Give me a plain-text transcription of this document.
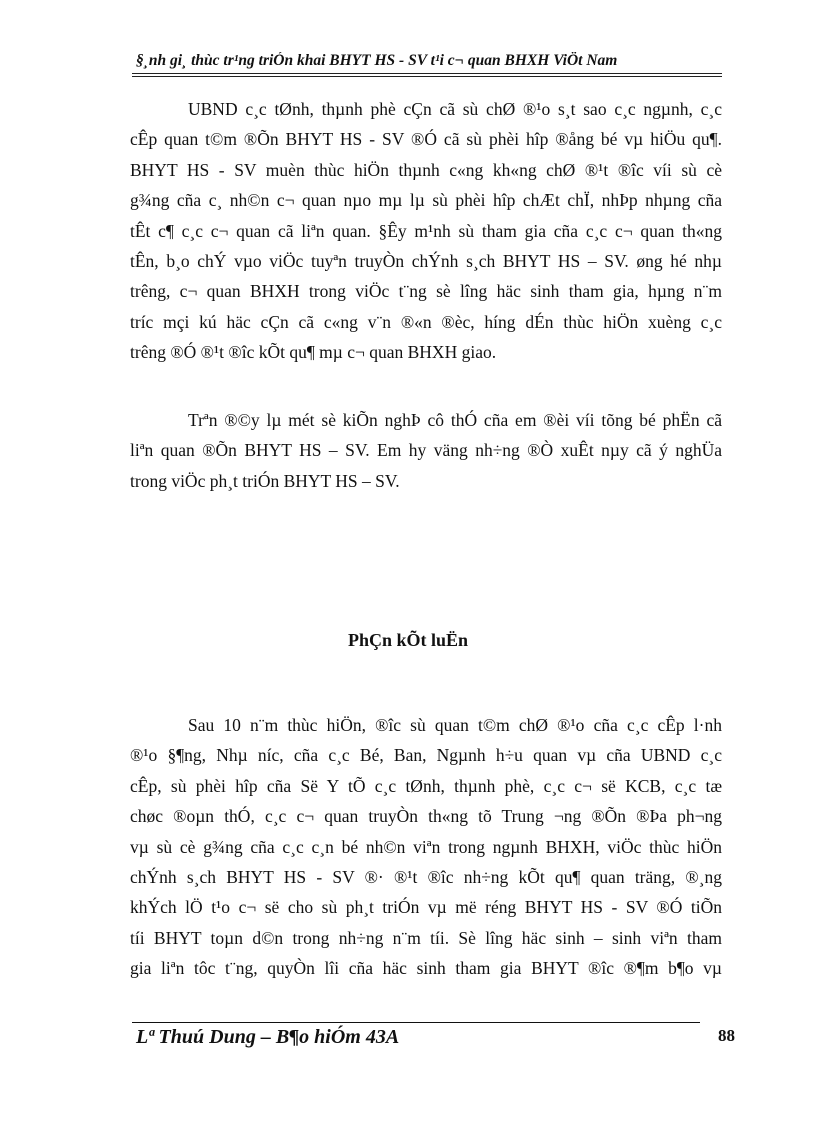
§¸nh gi¸ thùc tr¹ng triÓn khai BHYT HS - SV t¹i c¬ quan BHXH ViÖt Nam
UBND c¸c tØnh, thµnh phè cÇn cã sù chØ ®¹o s¸t sao c¸c ngµnh, c¸c
cÊp quan t©m ®Õn BHYT HS - SV ®Ó cã sù phèi hîp ®ång bé vµ hiÖu qu¶.
BHYT HS - SV muèn thùc hiÖn thµnh c«ng kh«ng chØ ®¹t ®îc víi sù cè
g¾ng cña c¸ nh©n c¬ quan nµo mµ lµ sù phèi hîp chÆt chÏ, nhÞp nhµng cña
tÊt c¶ c¸c c¬ quan cã liªn quan. §Êy m¹nh sù tham gia cña c¸c c¬ quan th«ng
tÊn, b¸o chÝ vµo viÖc tuyªn truyÒn chÝnh s¸ch BHYT HS – SV. øng hé nhµ
trêng, c¬ quan BHXH trong viÖc t¨ng sè lîng häc sinh tham gia, hµng n¨m
tríc mçi kú häc cÇn cã c«ng v¨n ®«n ®èc, híng dÉn thùc hiÖn xuèng c¸c
trêng ®Ó ®¹t ®îc kÕt qu¶ mµ c¬ quan BHXH giao.
Trªn ®©y lµ mét sè kiÕn nghÞ cô thÓ cña em ®èi víi tõng bé phËn cã
liªn quan ®Õn BHYT HS – SV. Em hy väng nh÷ng ®Ò xuÊt nµy cã ý nghÜa
trong viÖc ph¸t triÓn BHYT HS – SV.
PhÇn kÕt luËn
Sau 10 n¨m thùc hiÖn, ®îc sù quan t©m chØ ®¹o cña c¸c cÊp l·nh
®¹o §¶ng, Nhµ níc, cña c¸c Bé, Ban, Ngµnh h÷u quan vµ cña UBND c¸c
cÊp, sù phèi hîp cña Së Y tÕ c¸c tØnh, thµnh phè, c¸c c¬ së KCB, c¸c tæ
chøc ®oµn thÓ, c¸c c¬ quan truyÒn th«ng tõ Trung ¬ng ®Õn ®Þa ph¬ng
vµ sù cè g¾ng cña c¸c c¸n bé nh©n viªn trong ngµnh BHXH, viÖc thùc hiÖn
chÝnh s¸ch BHYT HS - SV ®· ®¹t ®îc nh÷ng kÕt qu¶ quan träng, ®¸ng
khÝch lÖ t¹o c¬ së cho sù ph¸t triÓn vµ më réng BHYT HS - SV ®Ó tiÕn
tíi BHYT toµn d©n trong nh÷ng n¨m tíi. Sè lîng häc sinh – sinh viªn tham
gia liªn tôc t¨ng, quyÒn lîi cña häc sinh tham gia BHYT ®îc ®¶m b¶o vµ
Lª Thuú Dung – B¶o hiÓm 43A	88
